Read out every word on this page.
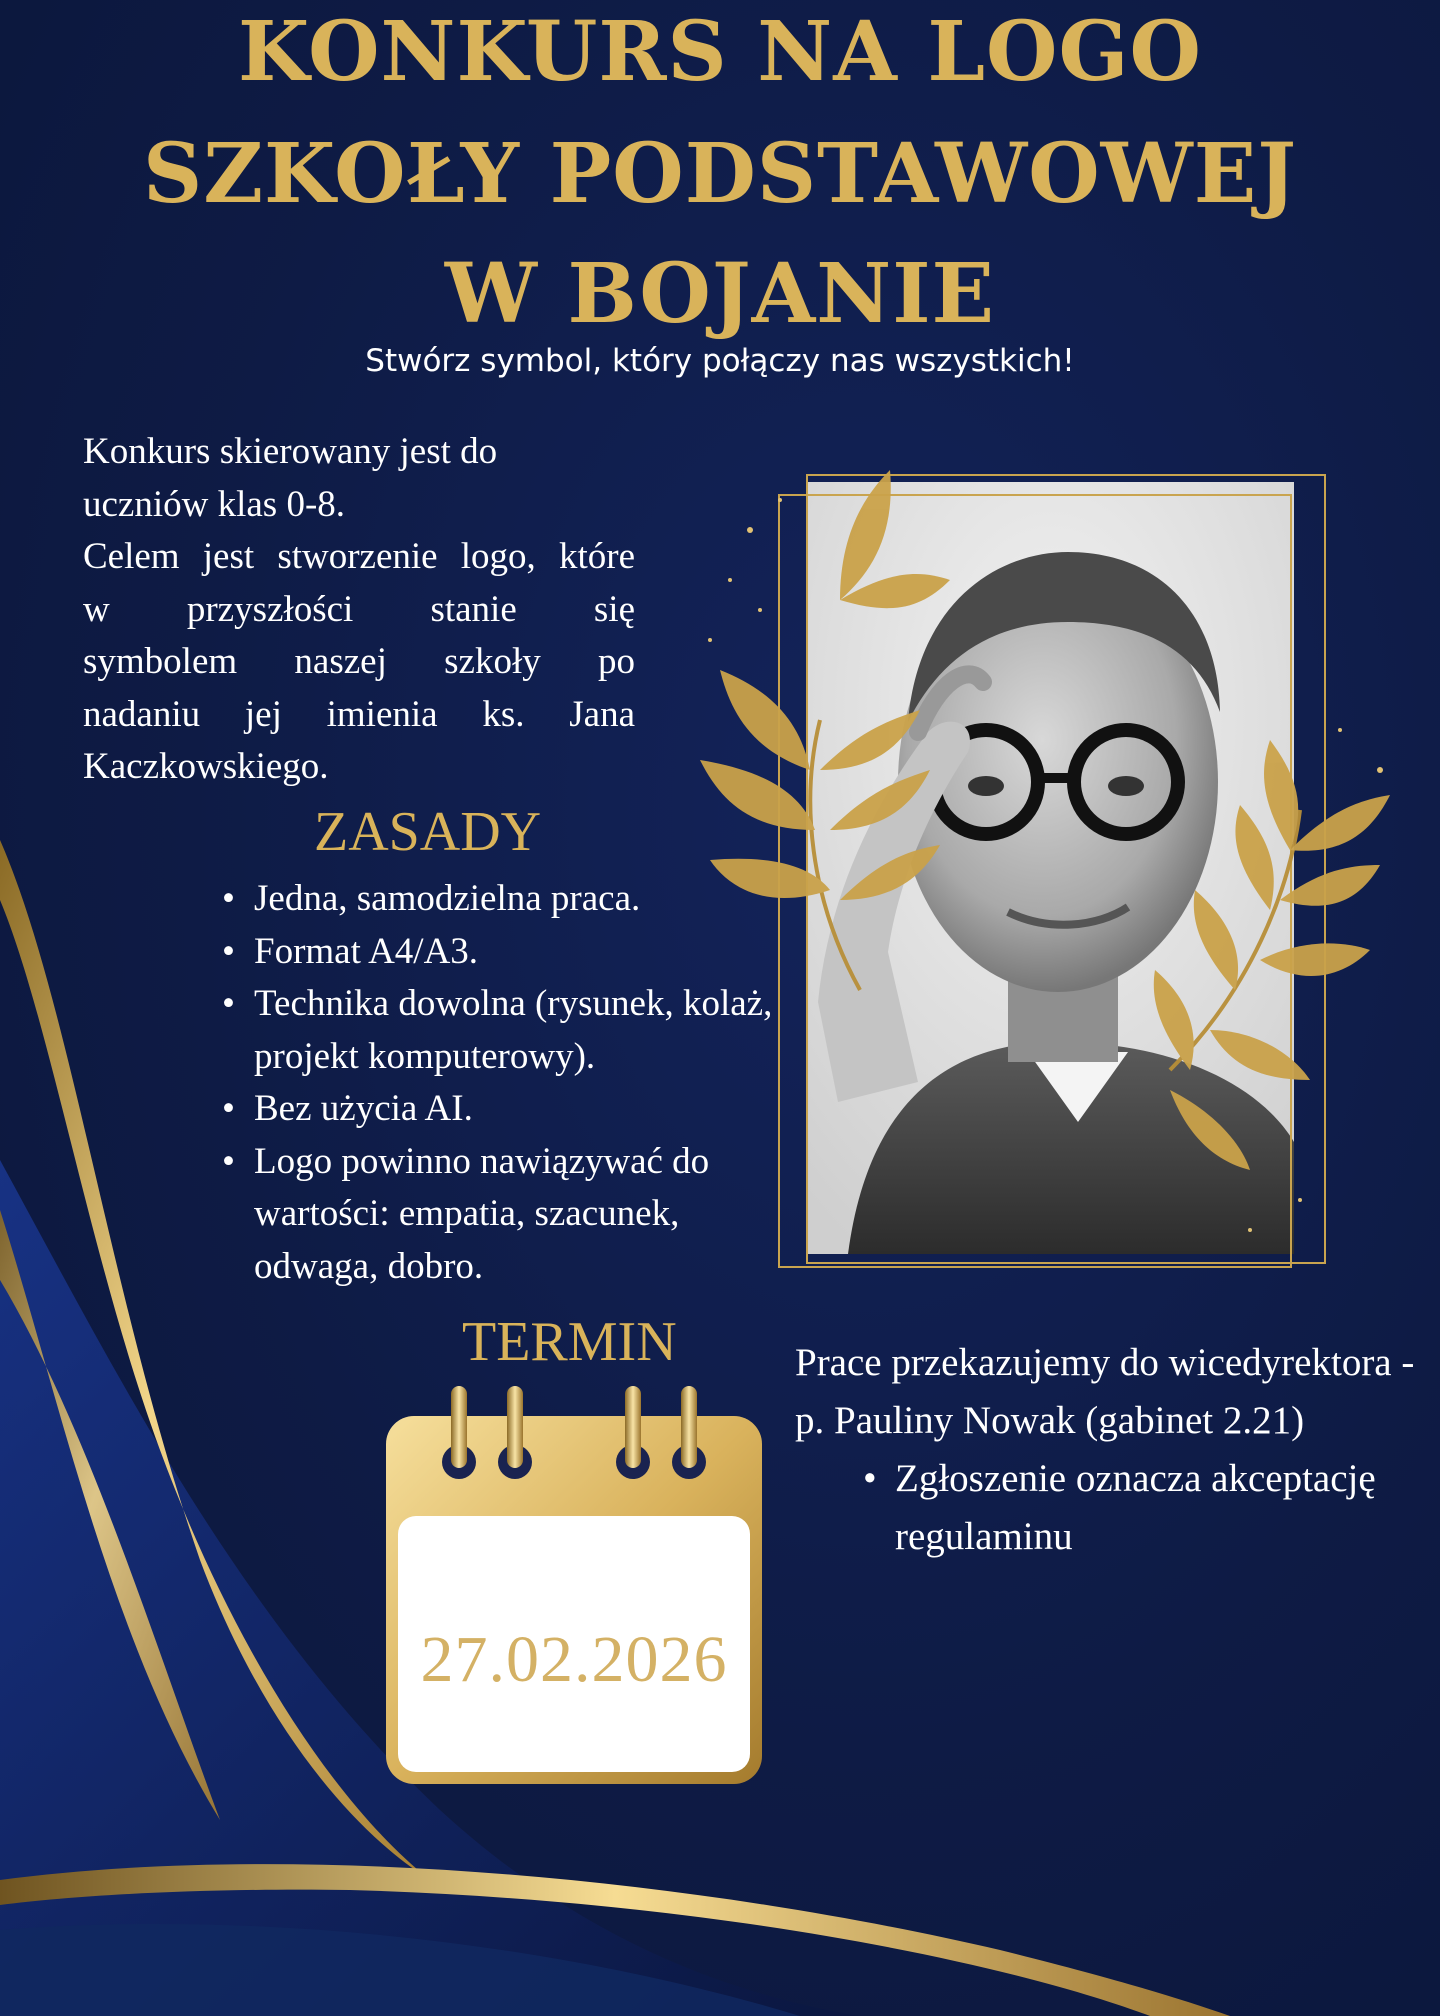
KONKURS NA LOGO
SZKOŁY PODSTAWOWEJ
W BOJANIE
Stwórz symbol, który połączy nas wszystkich!

Konkurs skierowany jest do

uczniów klas 0-8.

Celem jest stworzenie logo, które

w przyszłości stanie się

symbolem naszej szkoły po

nadaniu jej imienia ks. Jana

Kaczkowskiego.

ZASADY
• Jedna, samodzielna praca.
• Format A4/A3.
• Technika dowolna (rysunek, kolaż, projekt komputerowy).
• Bez użycia AI.
• Logo powinno nawiązywać do wartości: empatia, szacunek, odwaga, dobro.
TERMIN
27.02.2026

Prace przekazujemy do wicedyrektora - p. Pauliny Nowak (gabinet 2.21)

• Zgłoszenie oznacza akceptację regulaminu
